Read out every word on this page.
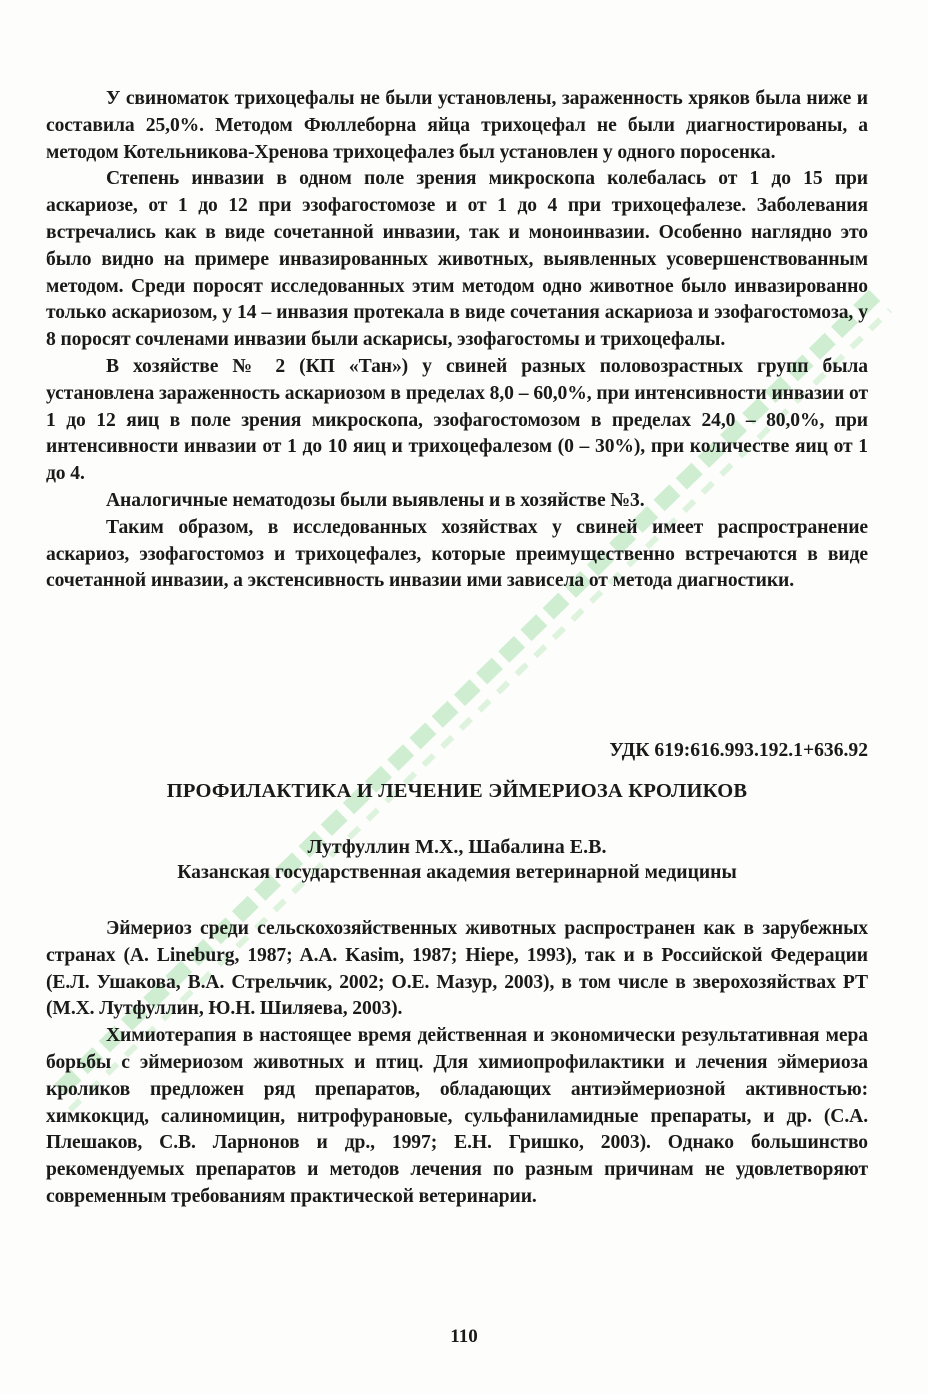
У свиноматок трихоцефалы не были установлены, зараженность хряков была ниже и составила 25,0%. Методом Фюллеборна яйца трихоцефал не были диагностированы, а методом Котельникова-Хренова трихоцефалез был установлен у одного поросенка.

Степень инвазии в одном поле зрения микроскопа колебалась от 1 до 15 при аскариозе, от 1 до 12 при эзофагостомозе и от 1 до 4 при трихоцефалезе. Заболевания встречались как в виде сочетанной инвазии, так и моноинвазии. Особенно наглядно это было видно на примере инвазированных животных, выявленных усовершенствованным методом. Среди поросят исследованных этим методом одно животное было инвазированно только аскариозом, у 14 – инвазия протекала в виде сочетания аскариоза и эзофагостомоза, у 8 поросят сочленами инвазии были аскарисы, эзофагостомы и трихоцефалы.

В хозяйстве № 2 (КП «Тан») у свиней разных половозрастных групп была установлена зараженность аскариозом в пределах 8,0 – 60,0%, при интенсивности инвазии от 1 до 12 яиц в поле зрения микроскопа, эзофагостомозом в пределах 24,0 – 80,0%, при интенсивности инвазии от 1 до 10 яиц и трихоцефалезом (0 – 30%), при количестве яиц от 1 до 4.

Аналогичные нематодозы были выявлены и в хозяйстве №3.

Таким образом, в исследованных хозяйствах у свиней имеет распространение аскариоз, эзофагостомоз и трихоцефалез, которые преимущественно встречаются в виде сочетанной инвазии, а экстенсивность инвазии ими зависела от метода диагностики.

УДК 619:616.993.192.1+636.92
ПРОФИЛАКТИКА И ЛЕЧЕНИЕ ЭЙМЕРИОЗА КРОЛИКОВ
Лутфуллин М.Х., Шабалина Е.В.
Казанская государственная академия ветеринарной медицины

Эймериоз среди сельскохозяйственных животных распространен как в зарубежных странах (A. Lineburg, 1987; A.A. Kasim, 1987; Hiepe, 1993), так и в Российской Федерации (Е.Л. Ушакова, В.А. Стрельчик, 2002; О.Е. Мазур, 2003), в том числе в зверохозяйствах РТ (М.Х. Лутфуллин, Ю.Н. Шиляева, 2003).

Химиотерапия в настоящее время действенная и экономически результативная мера борьбы с эймериозом животных и птиц. Для химиопрофилактики и лечения эймериоза кроликов предложен ряд препаратов, обладающих антиэймериозной активностью: химкокцид, салиномицин, нитрофурановые, сульфаниламидные препараты, и др. (С.А. Плешаков, С.В. Ларнонов и др., 1997; Е.Н. Гришко, 2003). Однако большинство рекомендуемых препаратов и методов лечения по разным причинам не удовлетворяют современным требованиям практической ветеринарии.

110
